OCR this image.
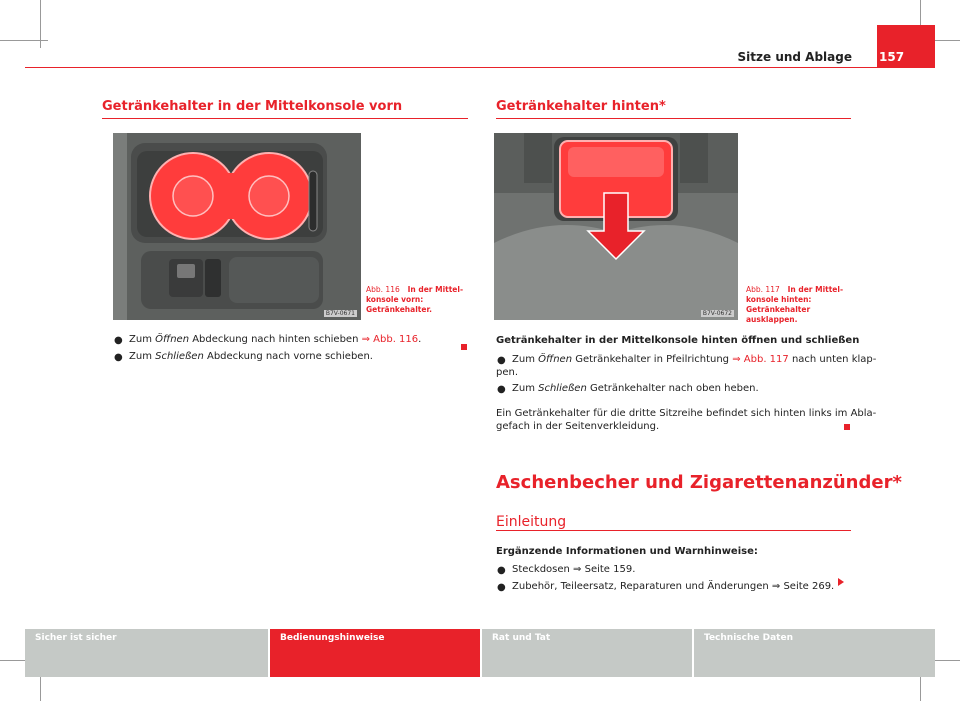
157
Sitze und Ablage
Getränkehalter in der Mittelkonsole vorn
B7V-0671
Abb. 116 In der Mittelkonsole vorn: Getränkehalter.
● Zum Öffnen Abdeckung nach hinten schieben ⇒ Abb. 116.
● Zum Schließen Abdeckung nach vorne schieben.
Getränkehalter hinten*
B7V-0672
Abb. 117 In der Mittelkonsole hinten: Getränkehalter ausklappen.
Getränkehalter in der Mittelkonsole hinten öffnen und schließen
● Zum Öffnen Getränkehalter in Pfeilrichtung ⇒ Abb. 117 nach unten klap-
pen.
● Zum Schließen Getränkehalter nach oben heben.
Ein Getränkehalter für die dritte Sitzreihe befindet sich hinten links im Abla-
gefach in der Seitenverkleidung.
Aschenbecher und Zigarettenanzünder*
Einleitung
Ergänzende Informationen und Warnhinweise:
● Steckdosen ⇒ Seite 159.
● Zubehör, Teileersatz, Reparaturen und Änderungen ⇒ Seite 269.
Sicher ist sicher	Bedienungshinweise	Rat und Tat	Technische Daten
